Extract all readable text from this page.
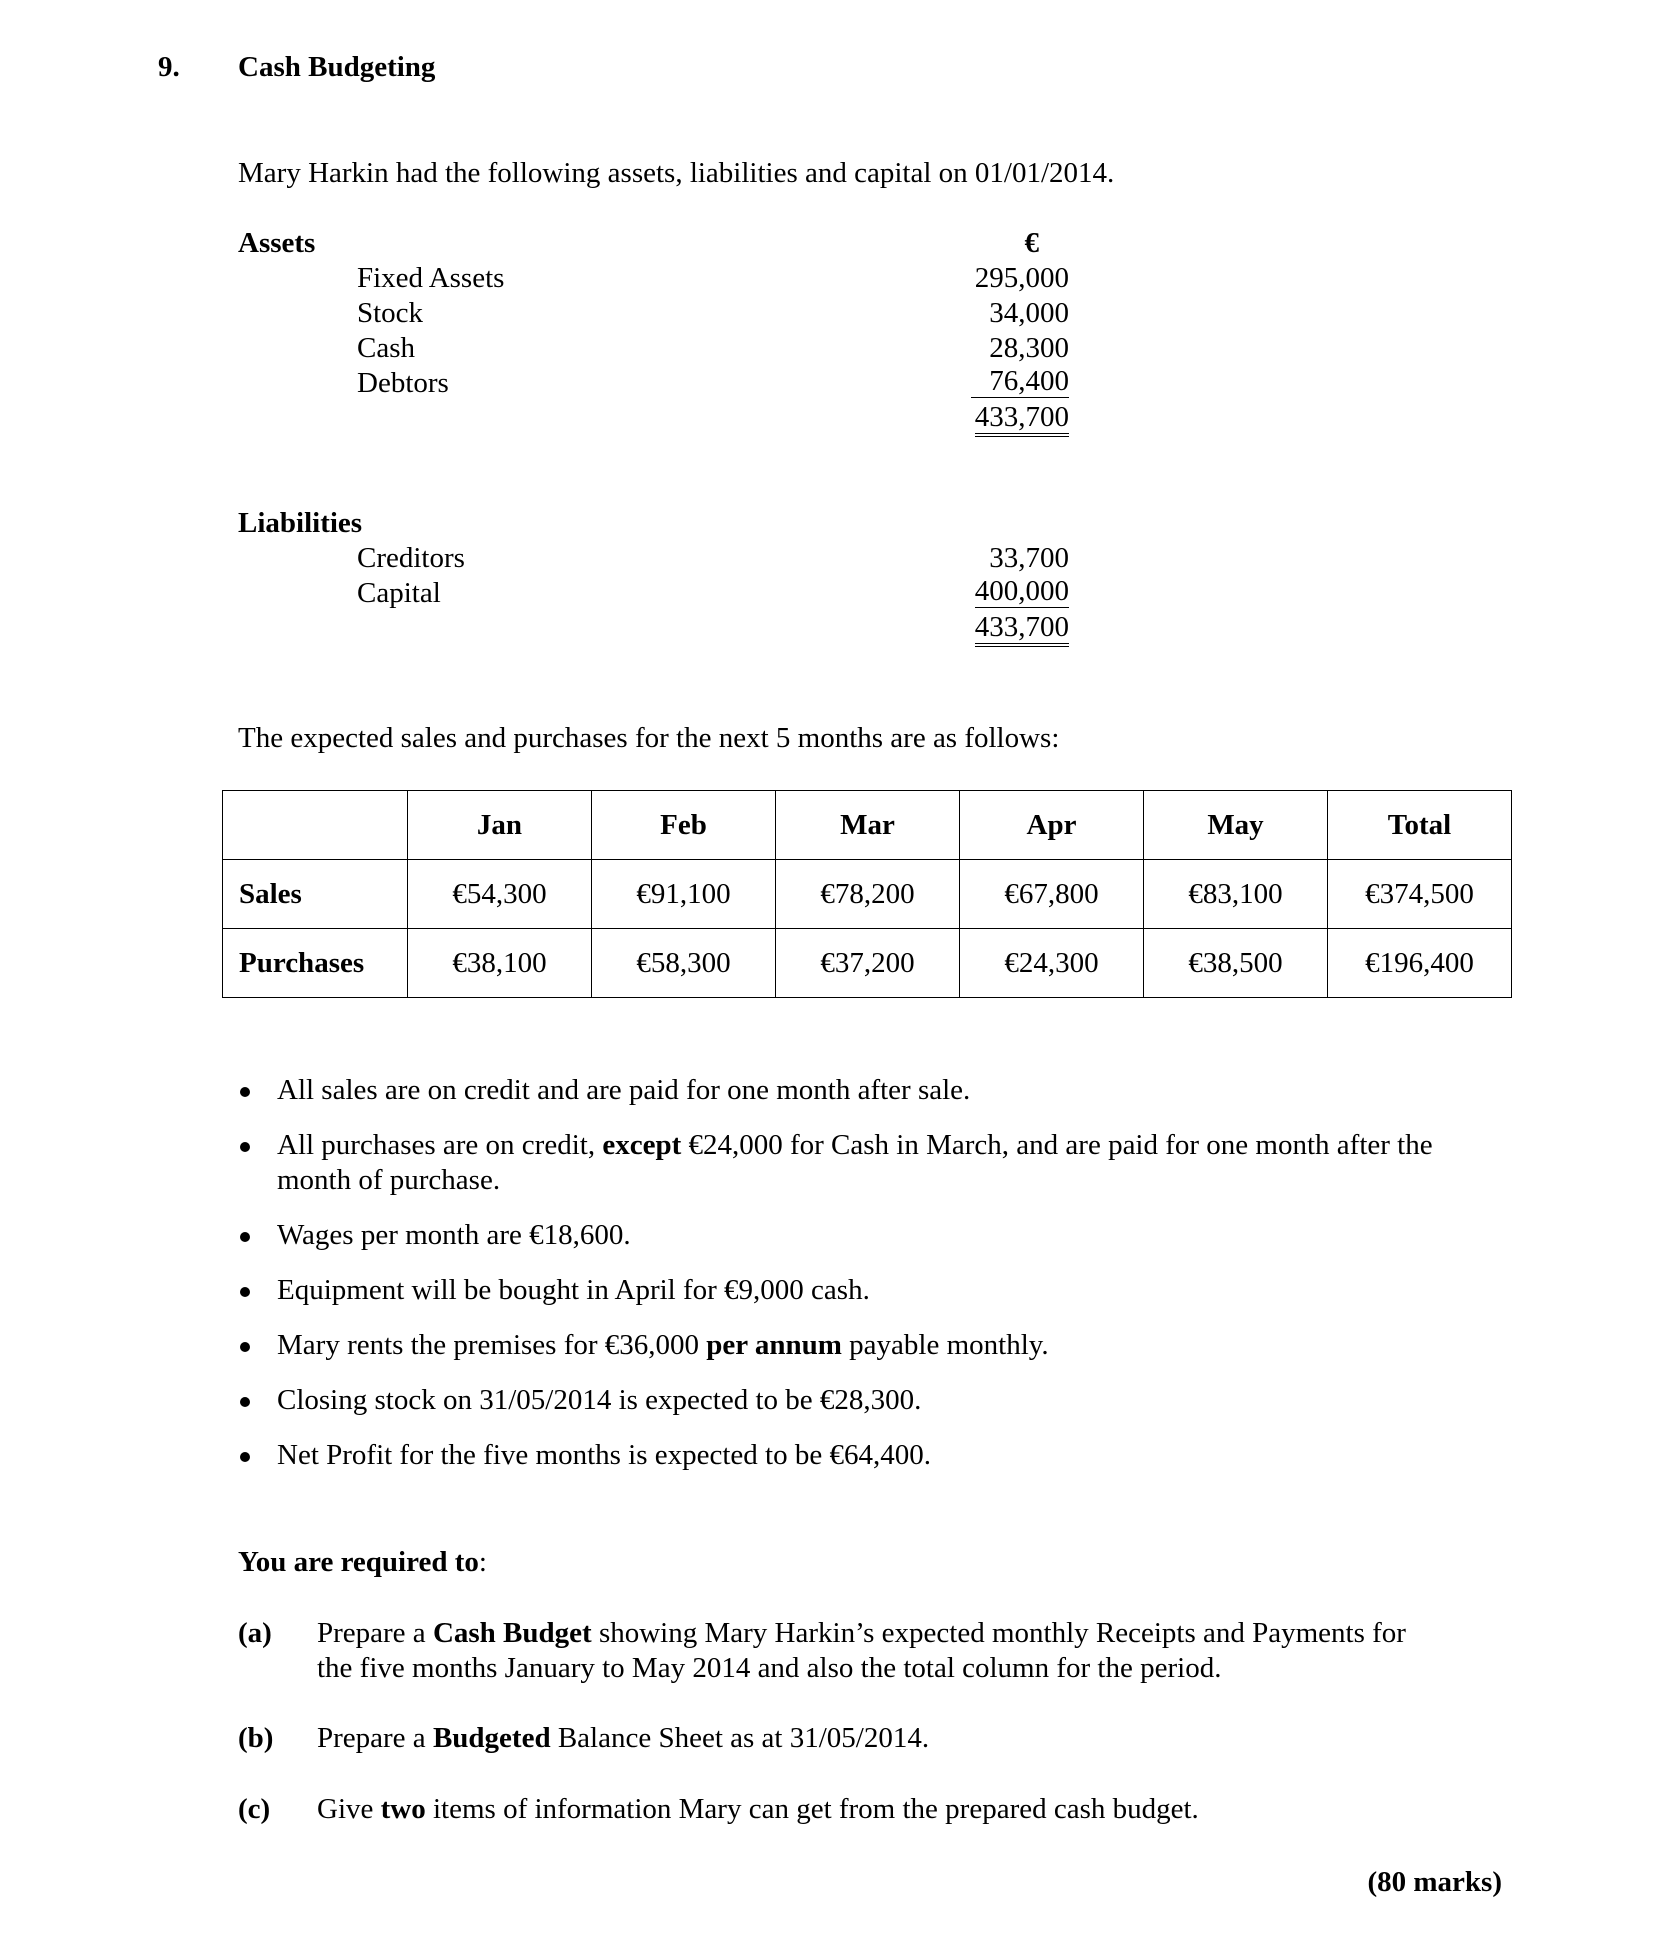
9. Cash Budgeting
Mary Harkin had the following assets, liabilities and capital on 01/01/2014.
Assets	€
Fixed Assets	295,000
Stock	34,000
Cash	28,300
Debtors	76,400
433,700
Liabilities
Creditors	33,700
Capital	400,000
433,700
The expected sales and purchases for the next 5 months are as follows:
	Jan	Feb	Mar	Apr	May	Total
Sales	€54,300	€91,100	€78,200	€67,800	€83,100	€374,500
Purchases	€38,100	€58,300	€37,200	€24,300	€38,500	€196,400
All sales are on credit and are paid for one month after sale.
All purchases are on credit, except €24,000 for Cash in March, and are paid for one month after the
month of purchase.
Wages per month are €18,600.
Equipment will be bought in April for €9,000 cash.
Mary rents the premises for €36,000 per annum payable monthly.
Closing stock on 31/05/2014 is expected to be €28,300.
Net Profit for the five months is expected to be €64,400.
You are required to:
(a) Prepare a Cash Budget showing Mary Harkin’s expected monthly Receipts and Payments for
the five months January to May 2014 and also the total column for the period.
(b) Prepare a Budgeted Balance Sheet as at 31/05/2014.
(c) Give two items of information Mary can get from the prepared cash budget.
(80 marks)
